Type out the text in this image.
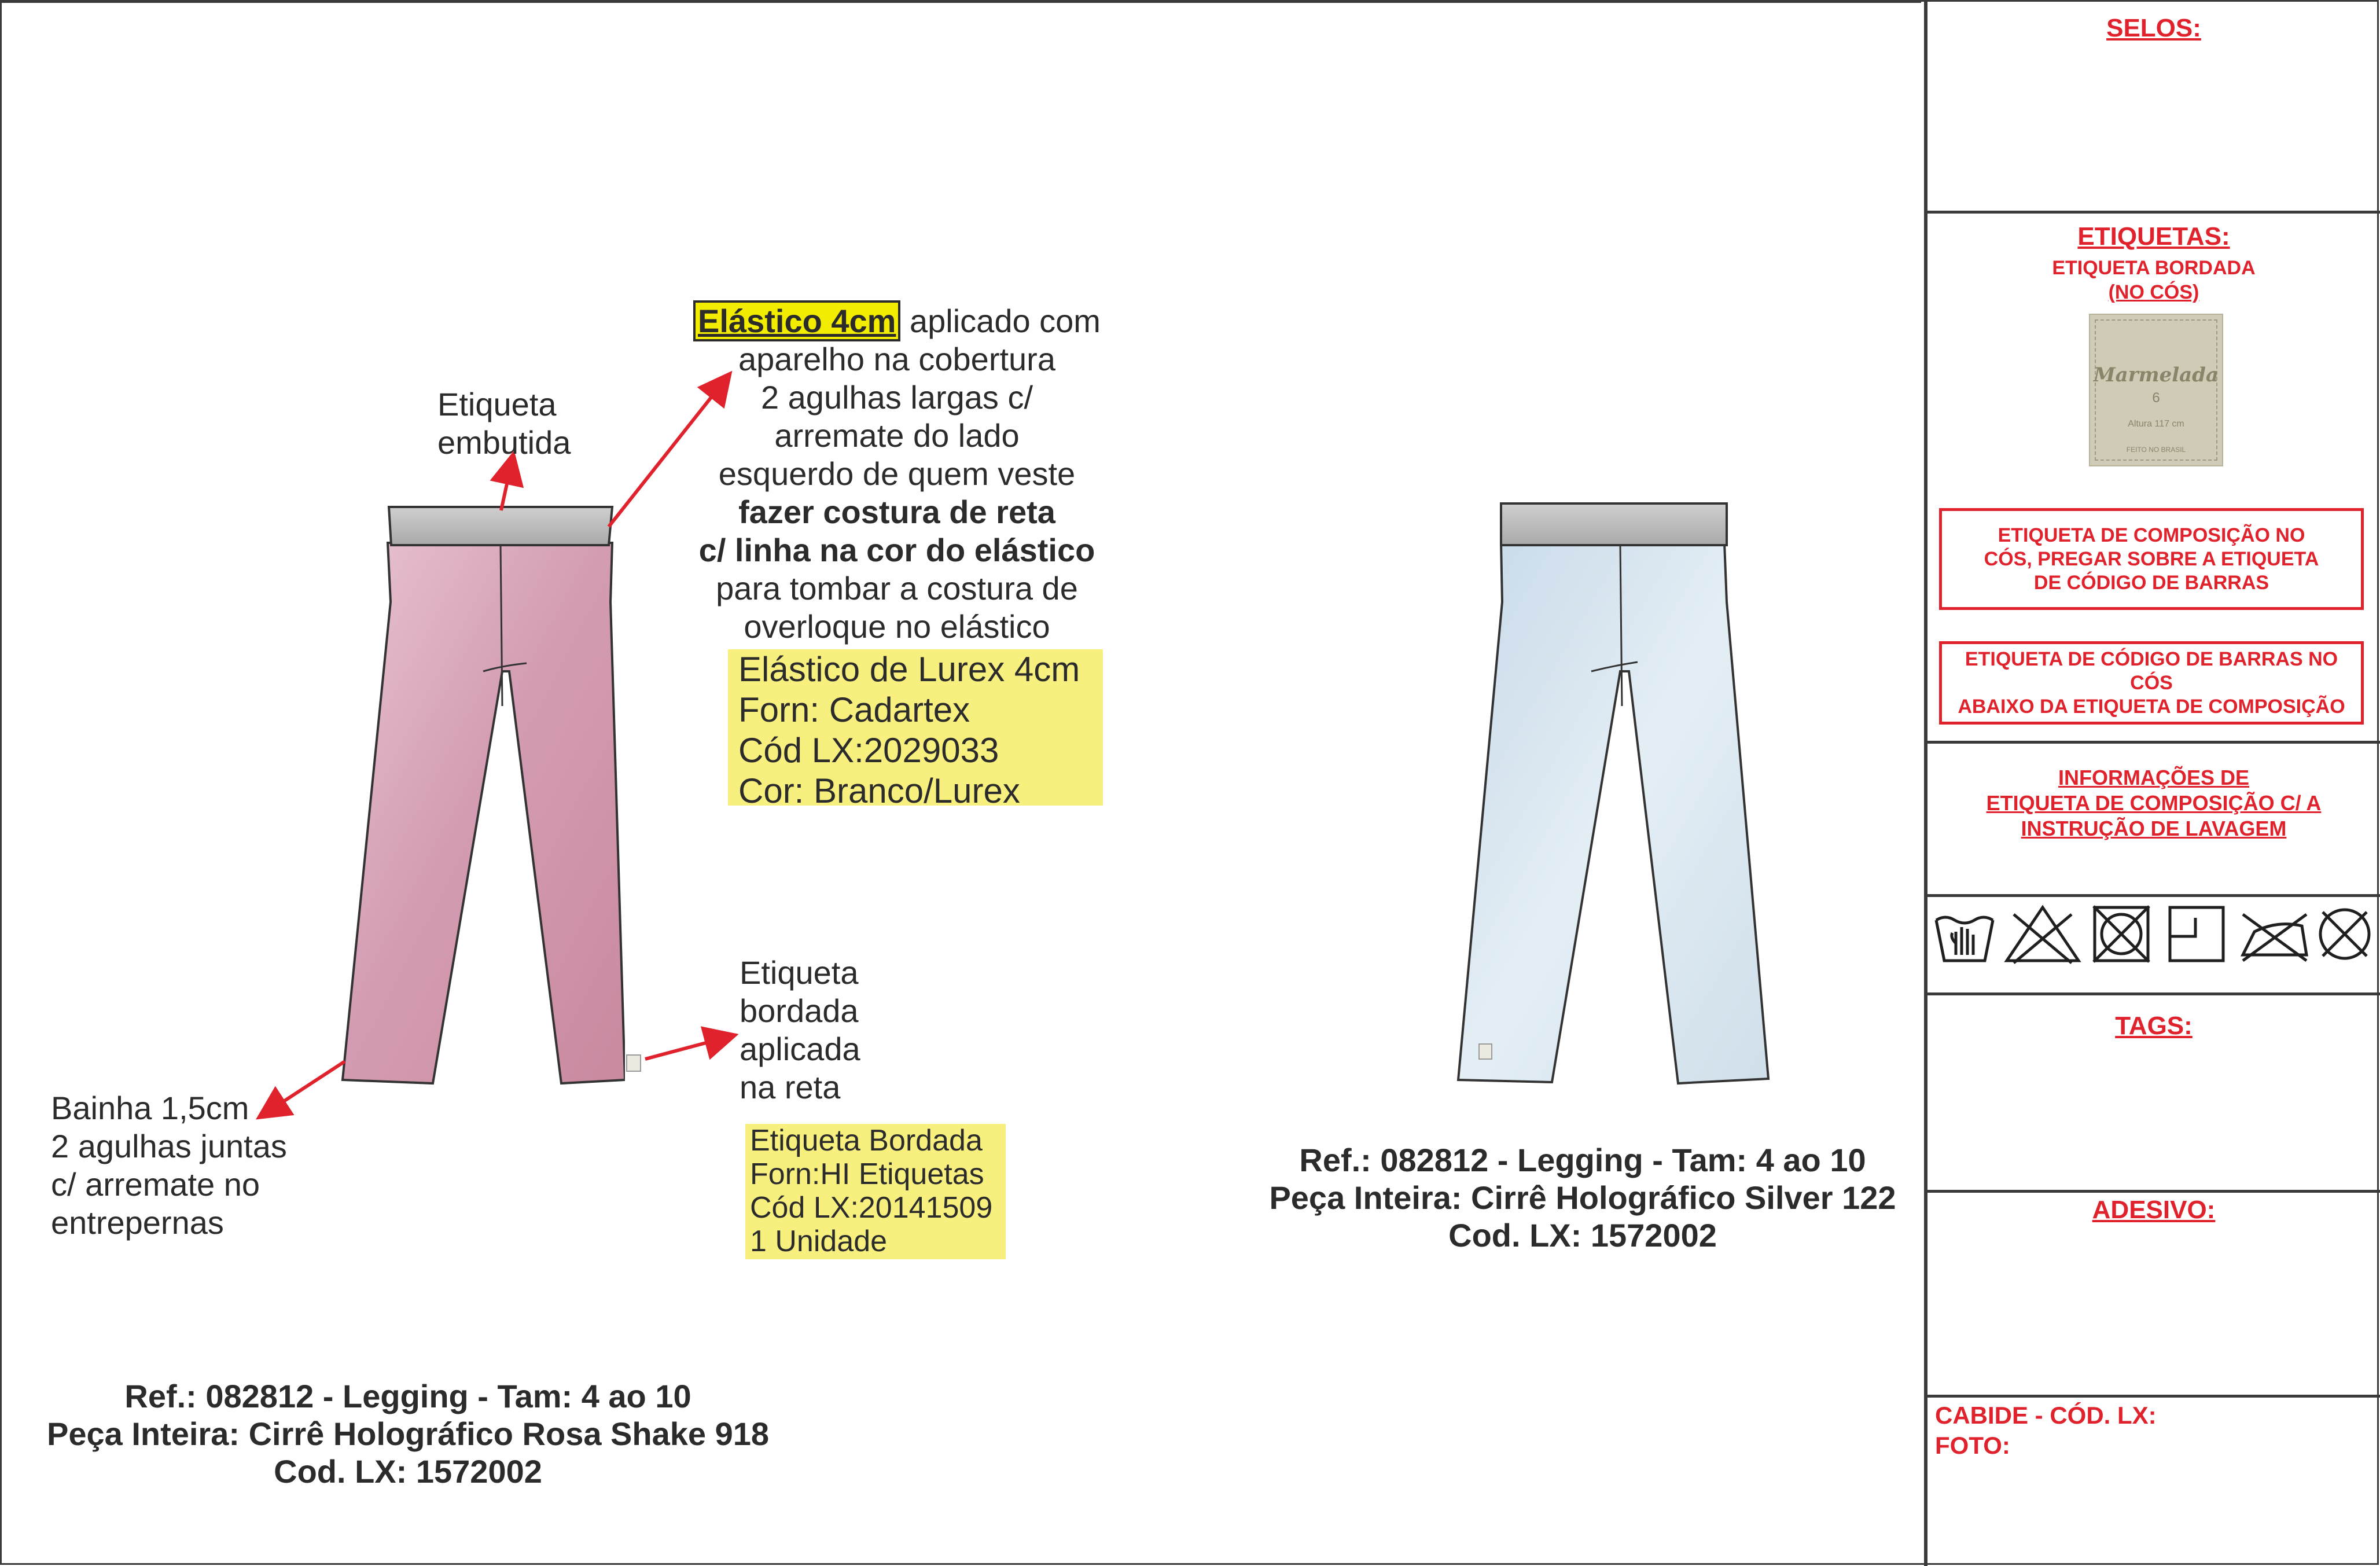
SELOS:
ETIQUETAS:
ETIQUETA BORDADA
(NO CÓS)
Marmelada
6
Altura 117 cm
FEITO NO BRASIL
ETIQUETA DE COMPOSIÇÃO NO
CÓS, PREGAR SOBRE A ETIQUETA
DE CÓDIGO DE BARRAS
ETIQUETA DE CÓDIGO DE BARRAS NO
CÓS
ABAIXO DA ETIQUETA DE COMPOSIÇÃO
INFORMAÇÕES DE
ETIQUETA DE COMPOSIÇÃO C/ A
INSTRUÇÃO DE LAVAGEM
TAGS:
ADESIVO:
CABIDE - CÓD. LX:
FOTO:
Etiqueta
embutida
Elástico 4cm aplicado com
aparelho na cobertura
2 agulhas largas c/
arremate do lado
esquerdo de quem veste
fazer costura de reta
c/ linha na cor do elástico
para tombar a costura de
overloque no elástico
Elástico de Lurex 4cm
Forn: Cadartex
Cód LX:2029033
Cor: Branco/Lurex
Etiqueta
bordada
aplicada
na reta
Etiqueta Bordada
Forn:HI Etiquetas
Cód LX:20141509
1 Unidade
Bainha 1,5cm
2 agulhas juntas
c/ arremate no
entrepernas
Ref.: 082812 - Legging - Tam: 4 ao 10
Peça Inteira: Cirrê Holográfico Rosa Shake 918
Cod. LX: 1572002
Ref.: 082812 - Legging - Tam: 4 ao 10
Peça Inteira: Cirrê Holográfico Silver 122
Cod. LX: 1572002
